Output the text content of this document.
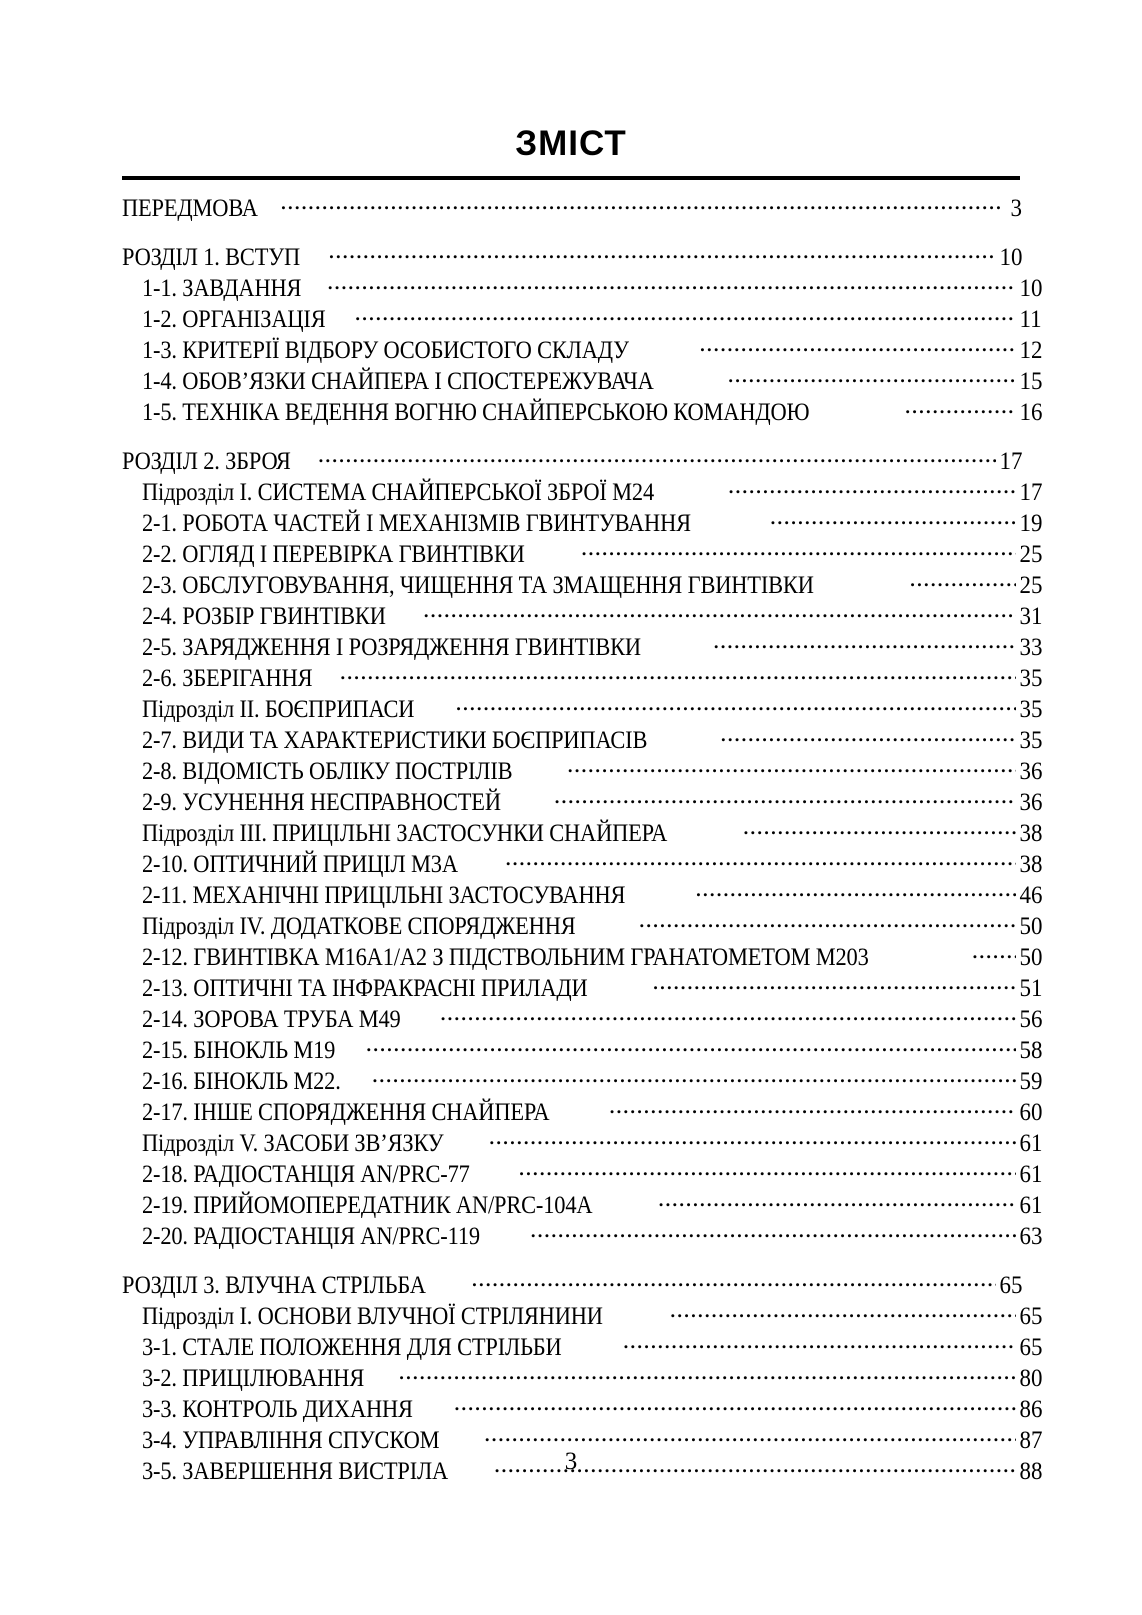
ЗМІСТ
ПЕРЕДМОВА .....	3
РОЗДІЛ 1. ВСТУП .....	10
1-1. ЗАВДАННЯ .....	10
1-2. ОРГАНІЗАЦІЯ .....	11
1-3. КРИТЕРІЇ ВІДБОРУ ОСОБИСТОГО СКЛАДУ .....	12
1-4. ОБОВ’ЯЗКИ СНАЙПЕРА І СПОСТЕРЕЖУВАЧА .....	15
1-5. ТЕХНІКА ВЕДЕННЯ ВОГНЮ СНАЙПЕРСЬКОЮ КОМАНДОЮ .....	16
РОЗДІЛ 2. ЗБРОЯ .....	17
Підрозділ I. СИСТЕМА СНАЙПЕРСЬКОЇ ЗБРОЇ М24 .....	17
2-1. РОБОТА ЧАСТЕЙ І МЕХАНІЗМІВ ГВИНТУВАННЯ .....	19
2-2. ОГЛЯД І ПЕРЕВІРКА ГВИНТІВКИ .....	25
2-3. ОБСЛУГОВУВАННЯ, ЧИЩЕННЯ ТА ЗМАЩЕННЯ ГВИНТІВКИ .....	25
2-4. РОЗБІР ГВИНТІВКИ .....	31
2-5. ЗАРЯДЖЕННЯ І РОЗРЯДЖЕННЯ ГВИНТІВКИ .....	33
2-6. ЗБЕРІГАННЯ .....	35
Підрозділ II. БОЄПРИПАСИ .....	35
2-7. ВИДИ ТА ХАРАКТЕРИСТИКИ БОЄПРИПАСІВ .....	35
2-8. ВІДОМІСТЬ ОБЛІКУ ПОСТРІЛІВ .....	36
2-9. УСУНЕННЯ НЕСПРАВНОСТЕЙ .....	36
Підрозділ III. ПРИЦІЛЬНІ ЗАСТОСУНКИ СНАЙПЕРА .....	38
2-10. ОПТИЧНИЙ ПРИЦІЛ М3А .....	38
2-11. МЕХАНІЧНІ ПРИЦІЛЬНІ ЗАСТОСУВАННЯ .....	46
Підрозділ IV. ДОДАТКОВЕ СПОРЯДЖЕННЯ .....	50
2-12. ГВИНТІВКА М16А1/А2 З ПІДСТВОЛЬНИМ ГРАНАТОМЕТОМ М203 .....	50
2-13. ОПТИЧНІ ТА ІНФРАКРАСНІ ПРИЛАДИ .....	51
2-14. ЗОРОВА ТРУБА М49 .....	56
2-15. БІНОКЛЬ М19 .....	58
2-16. БІНОКЛЬ М22. .....	59
2-17. ІНШЕ СПОРЯДЖЕННЯ СНАЙПЕРА .....	60
Підрозділ V. ЗАСОБИ ЗВ’ЯЗКУ .....	61
2-18. РАДІОСТАНЦІЯ AN/PRC-77 .....	61
2-19. ПРИЙОМОПЕРЕДАТНИК AN/PRC-104A .....	61
2-20. РАДІОСТАНЦІЯ AN/PRC-119 .....	63
РОЗДІЛ 3. ВЛУЧНА СТРІЛЬБА .....	65
Підрозділ I. ОСНОВИ ВЛУЧНОЇ СТРІЛЯНИНИ .....	65
3-1. СТАЛЕ ПОЛОЖЕННЯ ДЛЯ СТРІЛЬБИ .....	65
3-2. ПРИЦІЛЮВАННЯ .....	80
3-3. КОНТРОЛЬ ДИХАННЯ .....	86
3-4. УПРАВЛІННЯ СПУСКОМ .....	87
3-5. ЗАВЕРШЕННЯ ВИСТРІЛА .....	88
3
